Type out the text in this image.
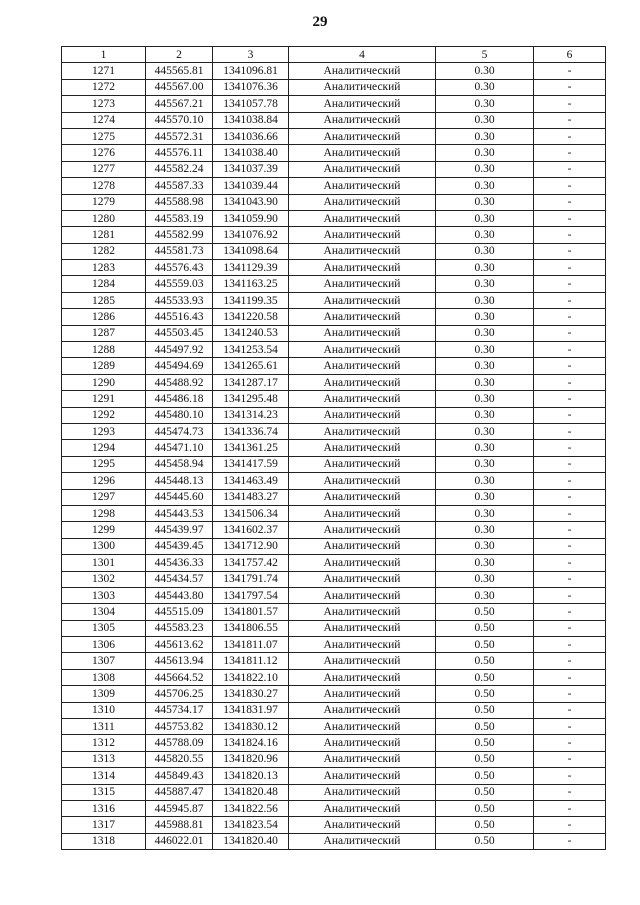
29
1	2	3	4	5	6
1271	445565.81	1341096.81	Аналитический	0.30	-
1272	445567.00	1341076.36	Аналитический	0.30	-
1273	445567.21	1341057.78	Аналитический	0.30	-
1274	445570.10	1341038.84	Аналитический	0.30	-
1275	445572.31	1341036.66	Аналитический	0.30	-
1276	445576.11	1341038.40	Аналитический	0.30	-
1277	445582.24	1341037.39	Аналитический	0.30	-
1278	445587.33	1341039.44	Аналитический	0.30	-
1279	445588.98	1341043.90	Аналитический	0.30	-
1280	445583.19	1341059.90	Аналитический	0.30	-
1281	445582.99	1341076.92	Аналитический	0.30	-
1282	445581.73	1341098.64	Аналитический	0.30	-
1283	445576.43	1341129.39	Аналитический	0.30	-
1284	445559.03	1341163.25	Аналитический	0.30	-
1285	445533.93	1341199.35	Аналитический	0.30	-
1286	445516.43	1341220.58	Аналитический	0.30	-
1287	445503.45	1341240.53	Аналитический	0.30	-
1288	445497.92	1341253.54	Аналитический	0.30	-
1289	445494.69	1341265.61	Аналитический	0.30	-
1290	445488.92	1341287.17	Аналитический	0.30	-
1291	445486.18	1341295.48	Аналитический	0.30	-
1292	445480.10	1341314.23	Аналитический	0.30	-
1293	445474.73	1341336.74	Аналитический	0.30	-
1294	445471.10	1341361.25	Аналитический	0.30	-
1295	445458.94	1341417.59	Аналитический	0.30	-
1296	445448.13	1341463.49	Аналитический	0.30	-
1297	445445.60	1341483.27	Аналитический	0.30	-
1298	445443.53	1341506.34	Аналитический	0.30	-
1299	445439.97	1341602.37	Аналитический	0.30	-
1300	445439.45	1341712.90	Аналитический	0.30	-
1301	445436.33	1341757.42	Аналитический	0.30	-
1302	445434.57	1341791.74	Аналитический	0.30	-
1303	445443.80	1341797.54	Аналитический	0.30	-
1304	445515.09	1341801.57	Аналитический	0.50	-
1305	445583.23	1341806.55	Аналитический	0.50	-
1306	445613.62	1341811.07	Аналитический	0.50	-
1307	445613.94	1341811.12	Аналитический	0.50	-
1308	445664.52	1341822.10	Аналитический	0.50	-
1309	445706.25	1341830.27	Аналитический	0.50	-
1310	445734.17	1341831.97	Аналитический	0.50	-
1311	445753.82	1341830.12	Аналитический	0.50	-
1312	445788.09	1341824.16	Аналитический	0.50	-
1313	445820.55	1341820.96	Аналитический	0.50	-
1314	445849.43	1341820.13	Аналитический	0.50	-
1315	445887.47	1341820.48	Аналитический	0.50	-
1316	445945.87	1341822.56	Аналитический	0.50	-
1317	445988.81	1341823.54	Аналитический	0.50	-
1318	446022.01	1341820.40	Аналитический	0.50	-
